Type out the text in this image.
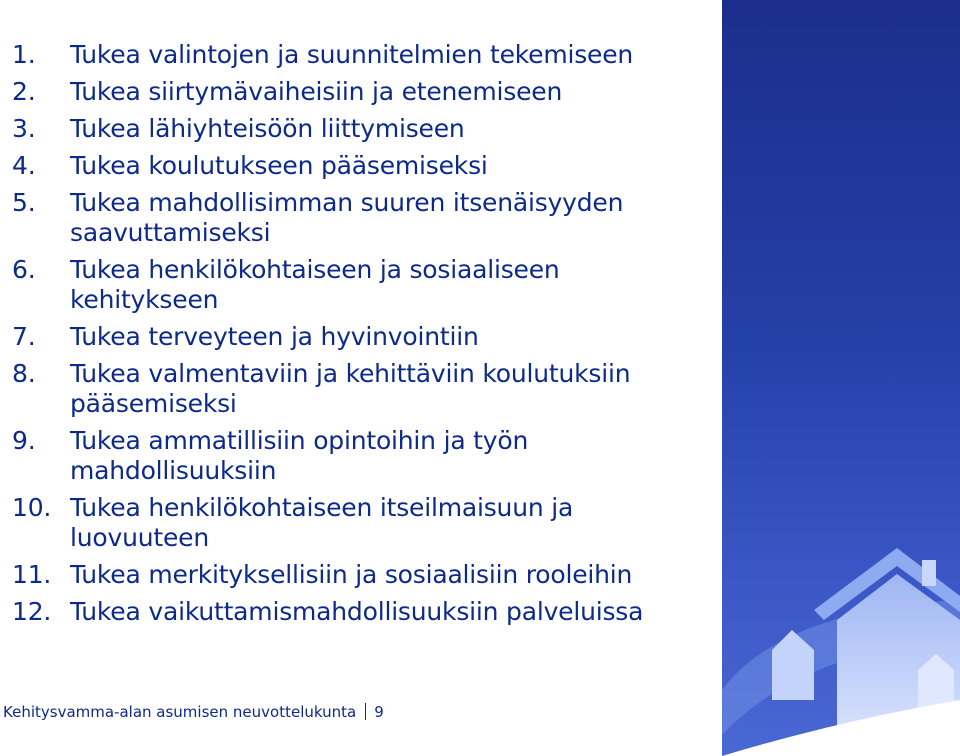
1.	Tukea valintojen ja suunnitelmien tekemiseen
2.	Tukea siirtymävaiheisiin ja etenemiseen
3.	Tukea lähiyhteisöön liittymiseen
4.	Tukea koulutukseen pääsemiseksi
5.	Tukea mahdollisimman suuren itsenäisyyden saavuttamiseksi
6.	Tukea henkilökohtaiseen ja sosiaaliseen kehitykseen
7.	Tukea terveyteen ja hyvinvointiin
8.	Tukea valmentaviin ja kehittäviin koulutuksiin pääsemiseksi
9.	Tukea ammatillisiin opintoihin ja työn mahdollisuuksiin
10. Tukea henkilökohtaiseen itseilmaisuun ja luovuuteen
11. Tukea merkityksellisiin ja sosiaalisiin rooleihin
12. Tukea vaikuttamismahdollisuuksiin palveluissa
Kehitysvamma-alan asumisen neuvottelukunta 9
